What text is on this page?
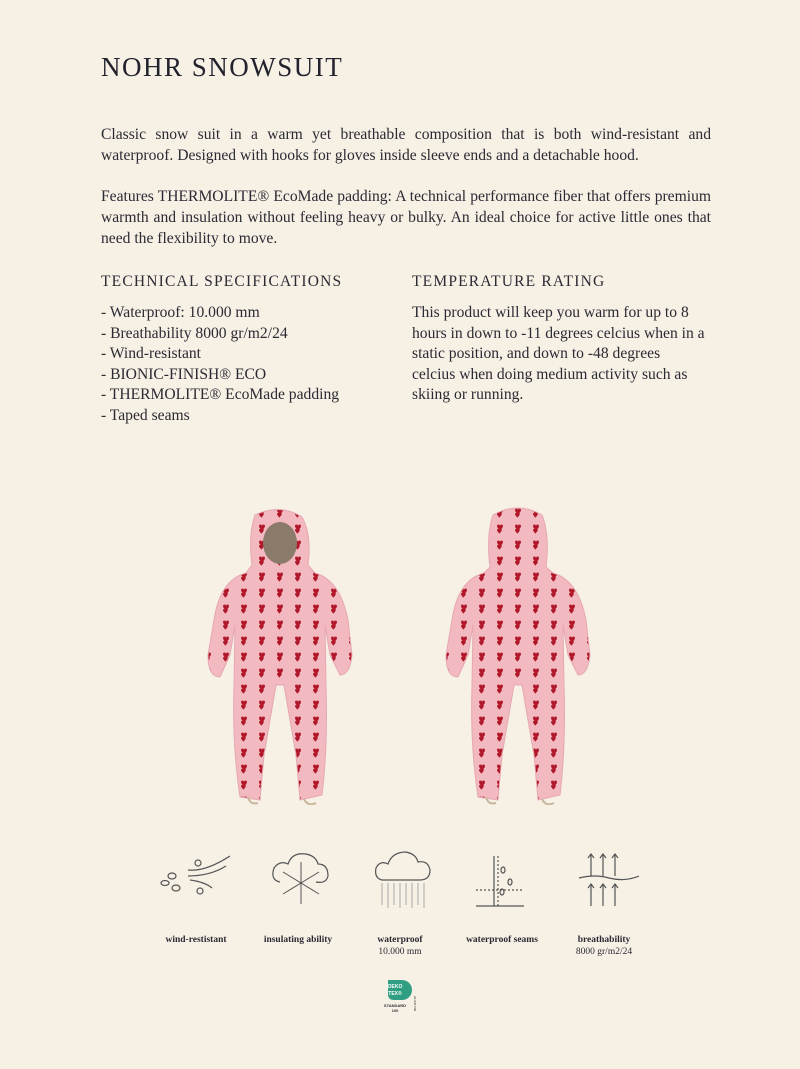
NOHR SNOWSUIT

Classic snow suit in a warm yet breathable composition that is both wind-resistant and waterproof. Designed with hooks for gloves inside sleeve ends and a detachable hood.

Features THERMOLITE® EcoMade padding: A technical performance fiber that offers premium warmth and insulation without feeling heavy or bulky. An ideal choice for active little ones that need the flexibility to move.

TECHNICAL SPECIFICATIONS
- Waterproof: 10.000 mm
- Breathability 8000 gr/m2/24
- Wind-resistant
- BIONIC-FINISH® ECO
- THERMOLITE® EcoMade padding
- Taped seams
TEMPERATURE RATING

This product will keep you warm for up to 8 hours in down to -11 degrees celcius when in a static position, and down to -48 degrees celcius when doing medium activity such as skiing or running.

wind-restistant	insulating ability	waterproof
10.000 mm
waterproof seams	breathability
8000 gr/m2/24
OEKO
TEX®
STANDARD
100	22.HIN.599
